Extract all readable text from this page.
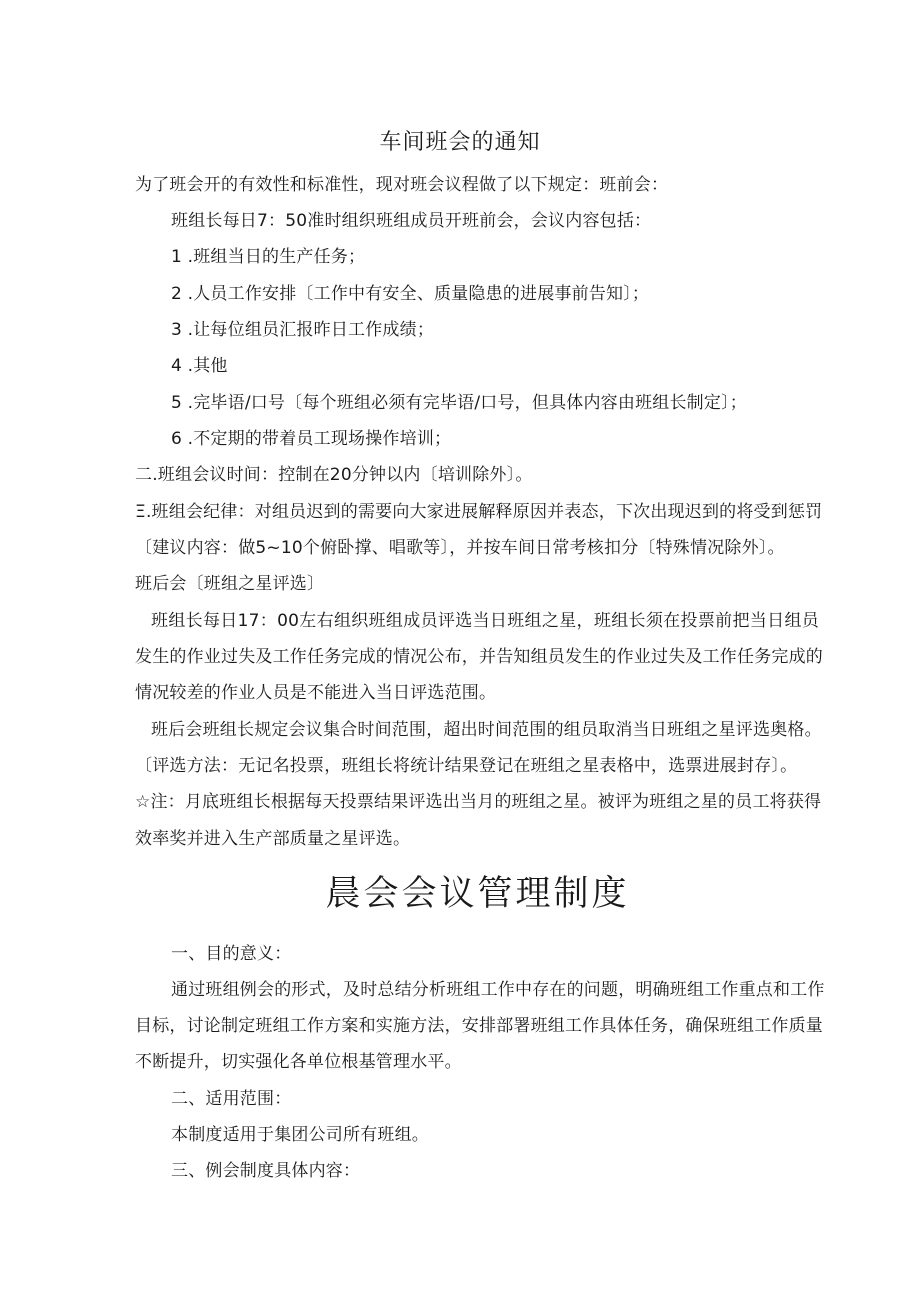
车间班会的通知
为了班会开的有效性和标准性，现对班会议程做了以下规定：班前会：
班组长每日7：50准时组织班组成员开班前会，会议内容包括：
1 .班组当日的生产任务；
2 .人员工作安排〔工作中有安全、质量隐患的进展事前告知〕；
3 .让每位组员汇报昨日工作成绩；
4 .其他
5 .完毕语/口号〔每个班组必须有完毕语/口号，但具体内容由班组长制定〕；
6 .不定期的带着员工现场操作培训；
二.班组会议时间：控制在20分钟以内〔培训除外〕。
Ξ.班组会纪律：对组员迟到的需要向大家进展解释原因并表态，下次出现迟到的将受到惩罚
〔建议内容：做5~10个俯卧撑、唱歌等〕，并按车间日常考核扣分〔特殊情况除外〕。
班后会〔班组之星评选〕
班组长每日17：00左右组织班组成员评选当日班组之星，班组长须在投票前把当日组员
发生的作业过失及工作任务完成的情况公布，并告知组员发生的作业过失及工作任务完成的
情况较差的作业人员是不能进入当日评选范围。
班后会班组长规定会议集合时间范围，超出时间范围的组员取消当日班组之星评选奥格。
〔评选方法：无记名投票，班组长将统计结果登记在班组之星表格中，选票进展封存〕。
☆注：月底班组长根据每天投票结果评选出当月的班组之星。被评为班组之星的员工将获得
效率奖并进入生产部质量之星评选。
晨会会议管理制度
一、目的意义：
通过班组例会的形式，及时总结分析班组工作中存在的问题，明确班组工作重点和工作
目标，讨论制定班组工作方案和实施方法，安排部署班组工作具体任务，确保班组工作质量
不断提升，切实强化各单位根基管理水平。
二、适用范围：
本制度适用于集团公司所有班组。
三、例会制度具体内容：
